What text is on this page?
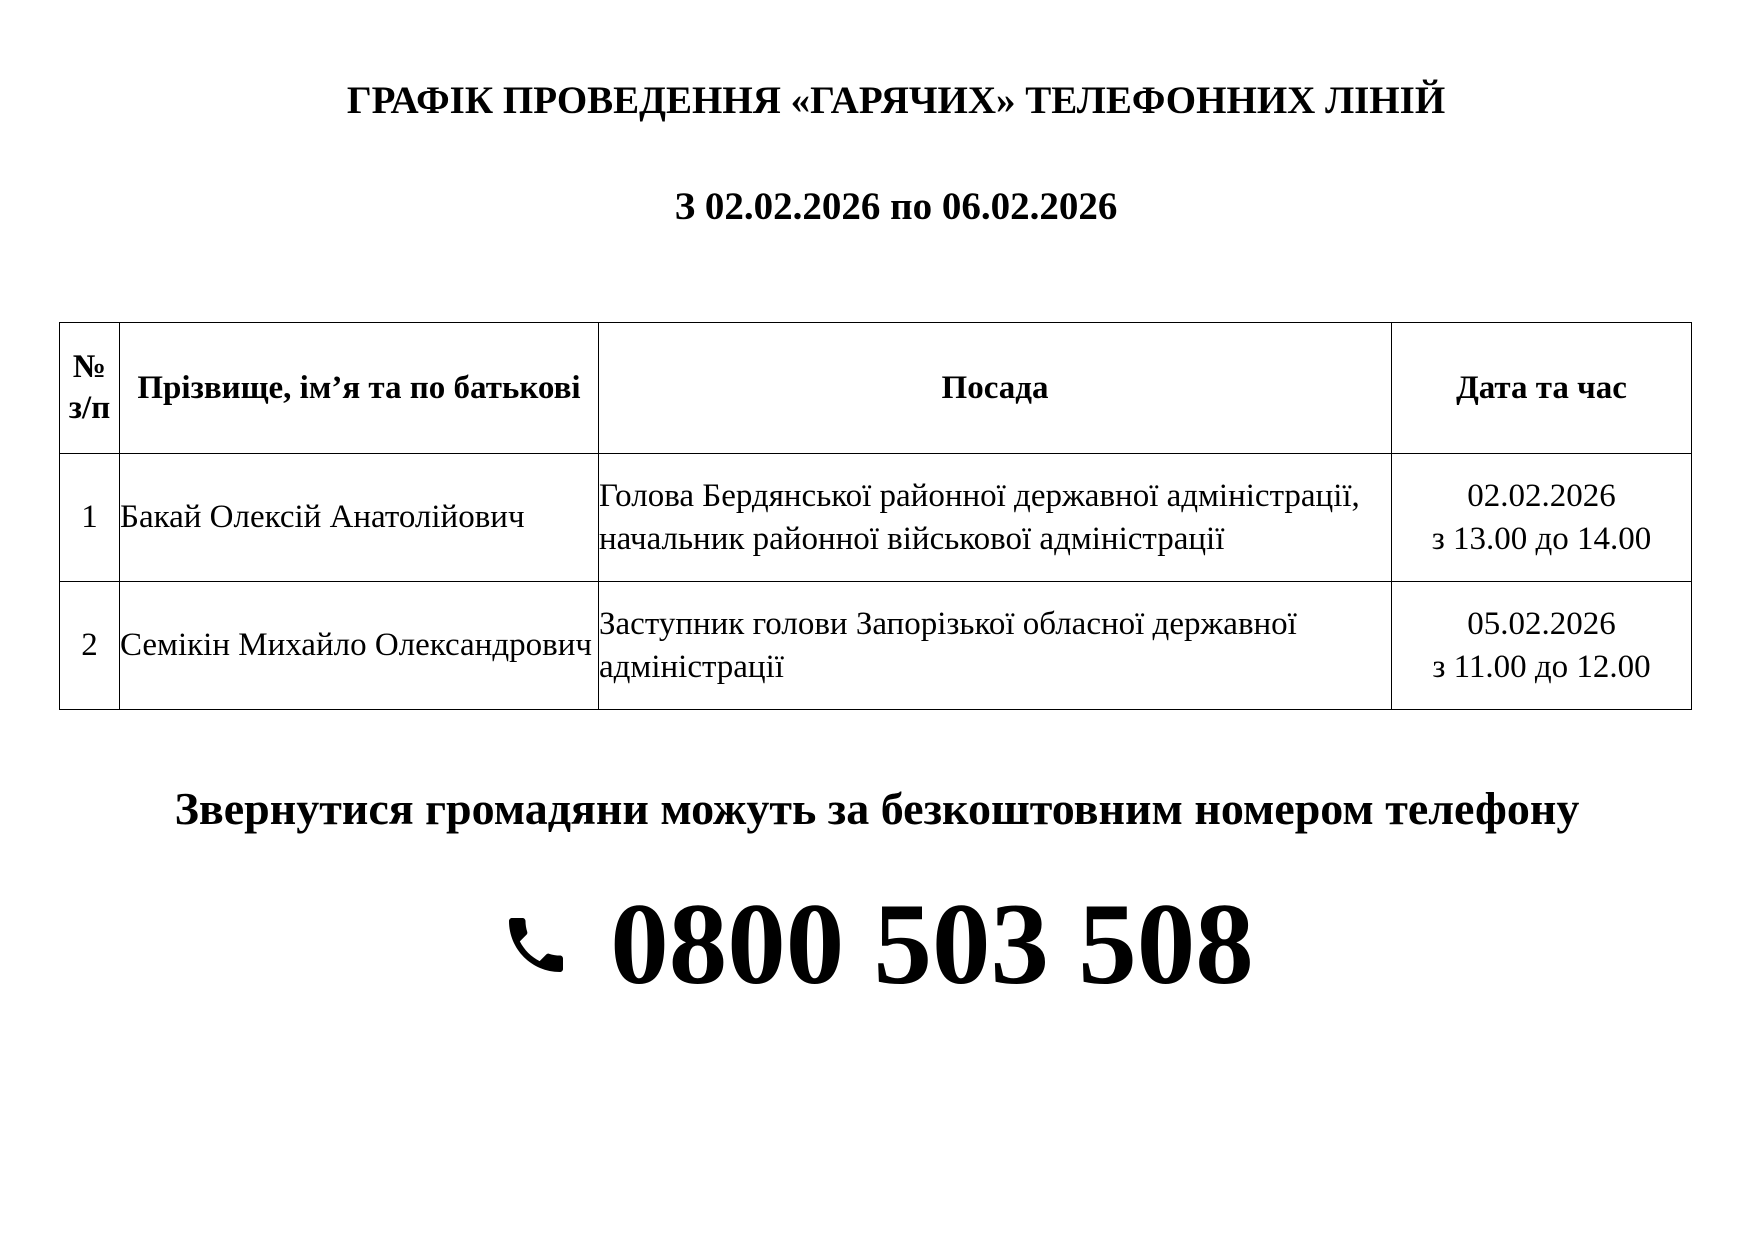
ГРАФІК ПРОВЕДЕННЯ «ГАРЯЧИХ» ТЕЛЕФОННИХ ЛІНІЙ
З 02.02.2026 по 06.02.2026
№ з/п	Прізвище, ім’я та по батькові	Посада	Дата та час
1	Бакай Олексій Анатолійович	Голова Бердянської районної державної адміністрації, начальник районної військової адміністрації	02.02.2026
з 13.00 до 14.00

2	Семікін Михайло Олександрович	Заступник голови Запорізької обласної державної адміністрації	05.02.2026
з 11.00 до 12.00

Звернутися громадяни можуть за безкоштовним номером телефону

0800 503 508
